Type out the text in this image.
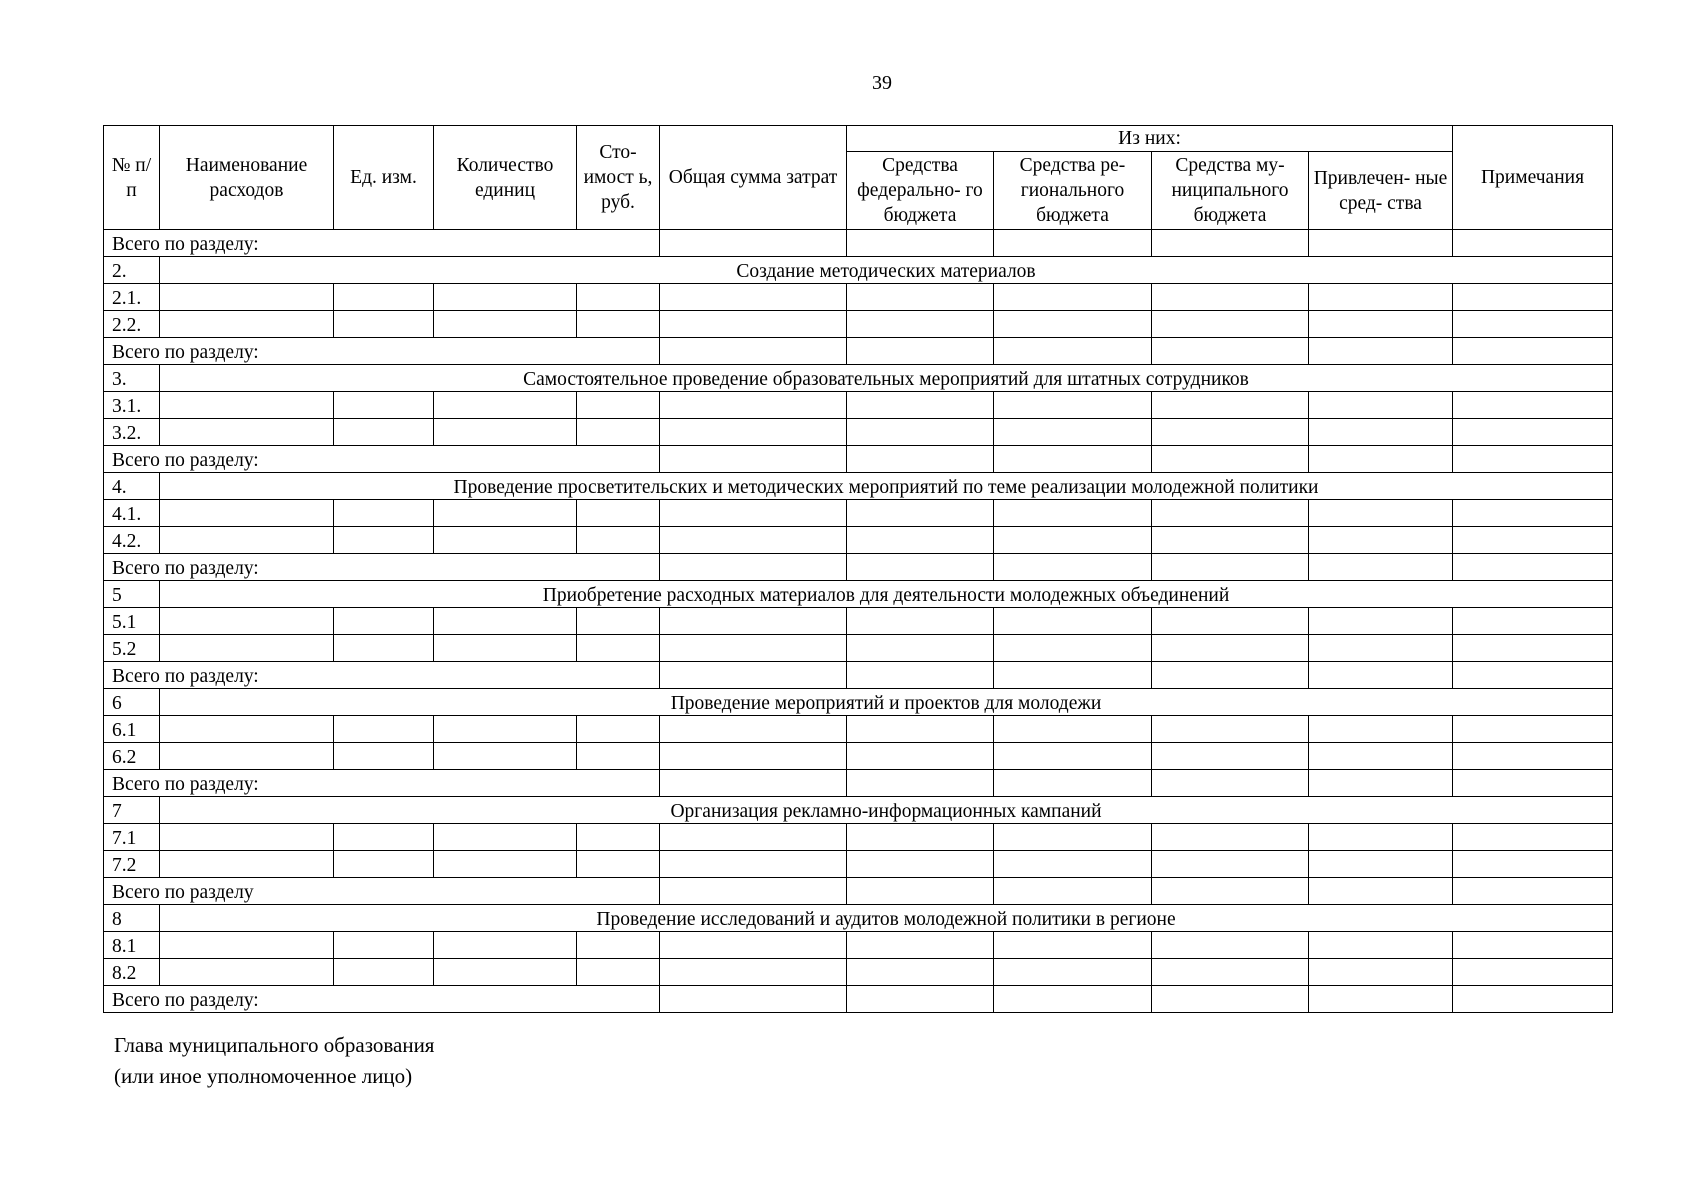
39
№ п/п	Наименование расходов	Ед. изм.	Количество единиц	Сто- имост ь, руб.	Общая сумма затрат	Из них:				Примечания
						Средства федерально- го бюджета	Средства ре- гионального бюджета	Средства му- ниципального бюджета	Привлечен- ные сред- ства	
Всего по разделу:										
2.	Создание методических материалов									
2.1.										
2.2.										
Всего по разделу:										
3.	Самостоятельное проведение образовательных мероприятий для штатных сотрудников									
3.1.										
3.2.										
Всего по разделу:										
4.	Проведение просветительских и методических мероприятий по теме реализации молодежной политики									
4.1.										
4.2.										
Всего по разделу:										
5	Приобретение расходных материалов для деятельности молодежных объединений									
5.1										
5.2										
Всего по разделу:										
6	Проведение мероприятий и проектов для молодежи									
6.1										
6.2										
Всего по разделу:										
7	Организация рекламно-информационных кампаний									
7.1										
7.2										
Всего по разделу										
8	Проведение исследований и аудитов молодежной политики в регионе									
8.1										
8.2										
Всего по разделу:										
Глава муниципального образования
(или иное уполномоченное лицо)
